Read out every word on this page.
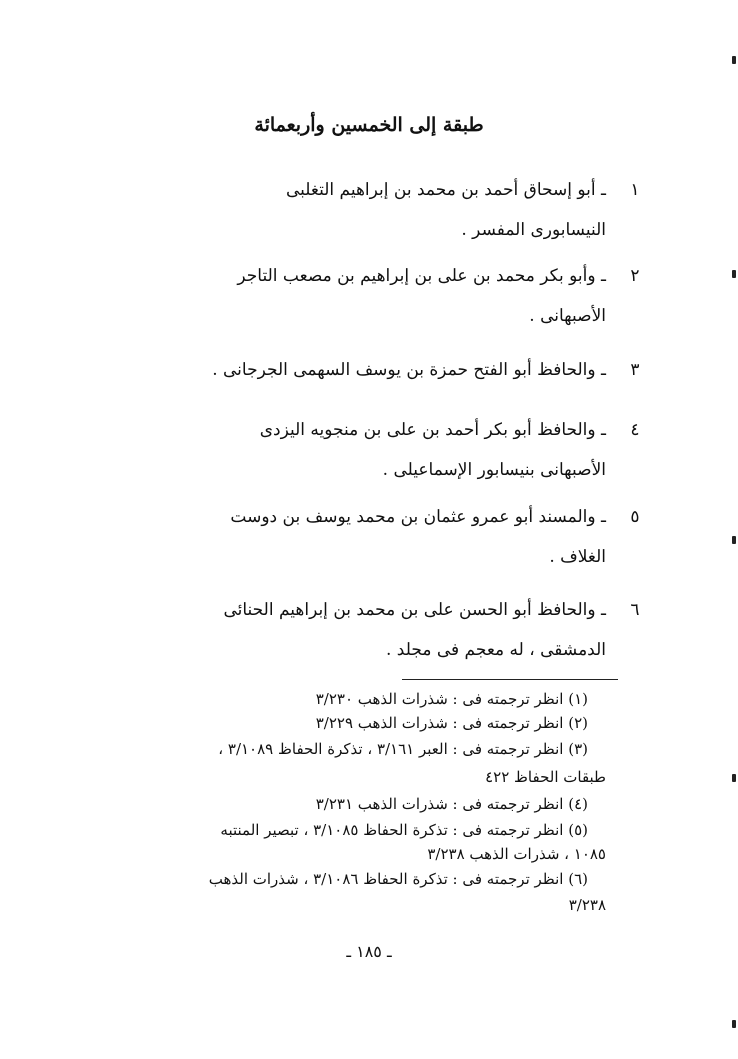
طبقة إلى الخمسين وأربعمائة
١
ـ أبو إسحاق أحمد بن محمد بن إبراهيم التغلبى
النيسابورى المفسر .
٢
ـ وأبو بكر محمد بن على بن إبراهيم بن مصعب التاجر
الأصبهانى .
٣
ـ والحافظ أبو الفتح حمزة بن يوسف السهمى الجرجانى .
٤
ـ والحافظ أبو بكر أحمد بن على بن منجويه اليزدى
الأصبهانى بنيسابور الإسماعيلى .
٥
ـ والمسند أبو عمرو عثمان بن محمد يوسف بن دوست
الغلاف .
٦
ـ والحافظ أبو الحسن على بن محمد بن إبراهيم الحنائى
الدمشقى ، له معجم فى مجلد .
(١) انظر ترجمته فى : شذرات الذهب ٣/٢٣٠
(٢) انظر ترجمته فى : شذرات الذهب ٣/٢٢٩
(٣) انظر ترجمته فى : العبر ٣/١٦١ ، تذكرة الحفاظ ٣/١٠٨٩ ،
طبقات الحفاظ ٤٢٢
(٤) انظر ترجمته فى : شذرات الذهب ٣/٢٣١
(٥) انظر ترجمته فى : تذكرة الحفاظ ٣/١٠٨٥ ، تبصير المنتبه
١٠٨٥ ، شذرات الذهب ٣/٢٣٨
(٦) انظر ترجمته فى : تذكرة الحفاظ ٣/١٠٨٦ ، شذرات الذهب
٣/٢٣٨
ـ ١٨٥ ـ
